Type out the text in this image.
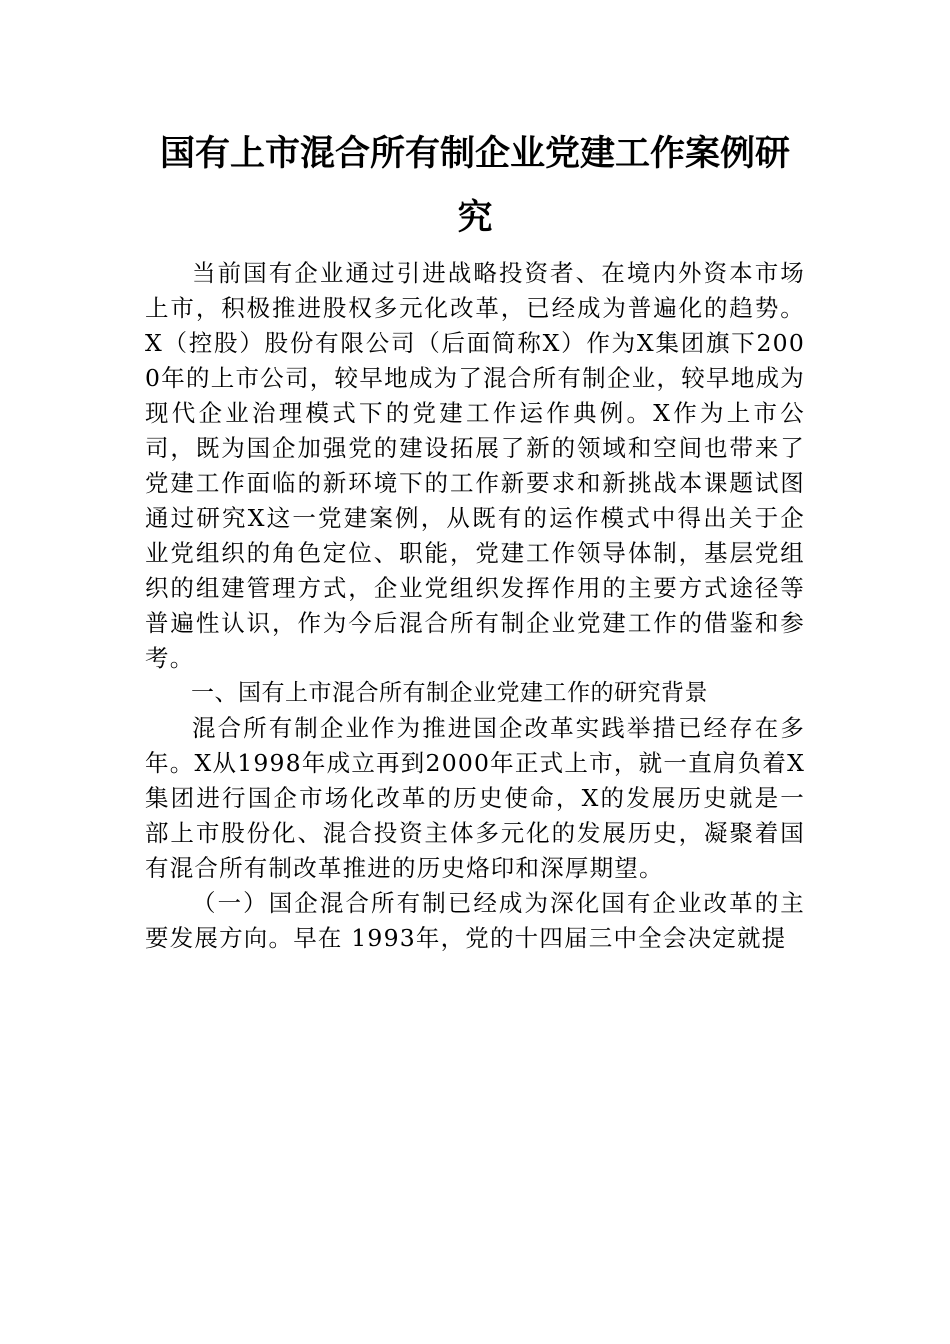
国有上市混合所有制企业党建工作案例研究

当前国有企业通过引进战略投资者、在境内外资本市场上市，积极推进股权多元化改革，已经成为普遍化的趋势。X（控股）股份有限公司（后面简称X）作为X集团旗下2000年的上市公司，较早地成为了混合所有制企业，较早地成为现代企业治理模式下的党建工作运作典例。X作为上市公司，既为国企加强党的建设拓展了新的领域和空间也带来了党建工作面临的新环境下的工作新要求和新挑战本课题试图通过研究X这一党建案例，从既有的运作模式中得出关于企业党组织的角色定位、职能，党建工作领导体制，基层党组织的组建管理方式，企业党组织发挥作用的主要方式途径等普遍性认识，作为今后混合所有制企业党建工作的借鉴和参考。

一、国有上市混合所有制企业党建工作的研究背景

混合所有制企业作为推进国企改革实践举措已经存在多年。X从1998年成立再到2000年正式上市，就一直肩负着X集团进行国企市场化改革的历史使命，X的发展历史就是一部上市股份化、混合投资主体多元化的发展历史，凝聚着国有混合所有制改革推进的历史烙印和深厚期望。

（一）国企混合所有制已经成为深化国有企业改革的主要发展方向。早在 1993年，党的十四届三中全会决定就提
